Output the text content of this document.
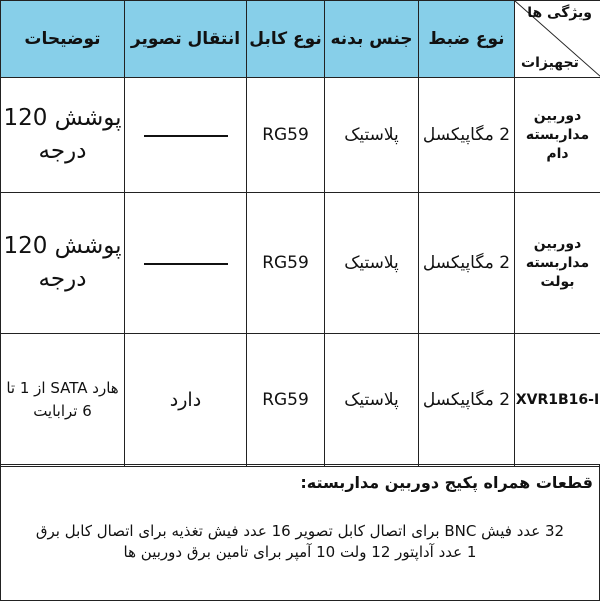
ویژگی ها
تجهیزات	نوع ضبط	جنس بدنه	نوع کابل	انتقال تصویر	توضیحات
دوربین مداربسته دام	2 مگاپیکسل	پلاستیک	RG59		پوشش 120 درجه
دوربین مداربسته بولت	2 مگاپیکسل	پلاستیک	RG59		پوشش 120 درجه
XVR1B16-I	2 مگاپیکسل	پلاستیک	RG59	دارد	هارد SATA از 1 تا 6 ترابایت
قطعات همراه پکیج دوربین مداربسته:
32 عدد فیش BNC برای اتصال کابل تصویر 16 عدد فیش تغذیه برای اتصال کابل برق
1 عدد آداپتور 12 ولت 10 آمپر برای تامین برق دوربین ها
